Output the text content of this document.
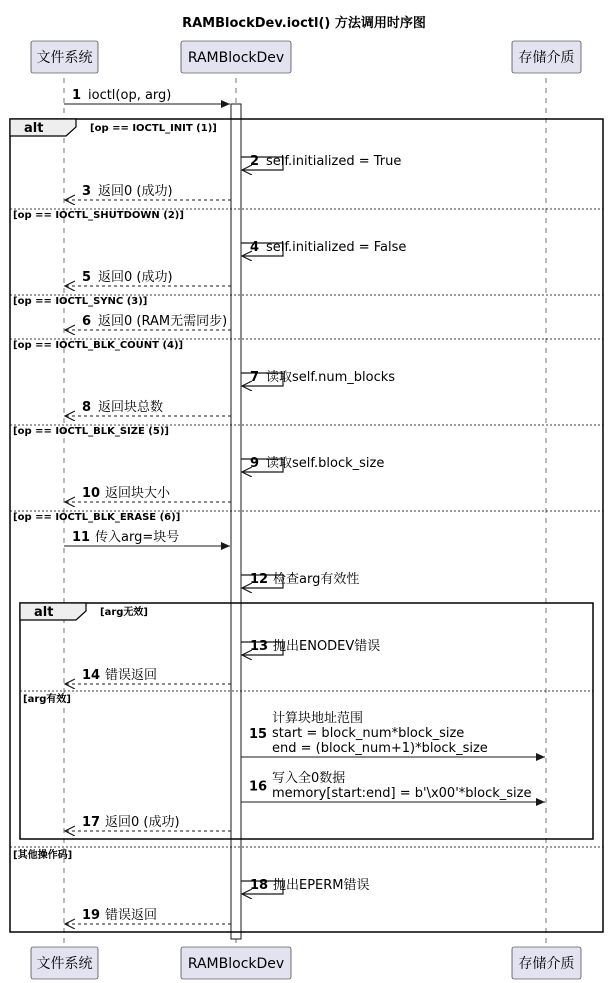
RAMBlockDev.ioctl() 方法调用时序图
文件系统	RAMBlockDev	存储介质
文件系统	RAMBlockDev	存储介质
alt	[op == IOCTL_INIT (1)]
[op == IOCTL_SHUTDOWN (2)]
[op == IOCTL_SYNC (3)]
[op == IOCTL_BLK_COUNT (4)]
[op == IOCTL_BLK_SIZE (5)]
[op == IOCTL_BLK_ERASE (6)]
[其他操作码]
alt	[arg无效]
[arg有效]
1 ioctl(op, arg)
2 self.initialized = True
3 返回0 (成功)
4 self.initialized = False
5 返回0 (成功)
6 返回0 (RAM无需同步)
7 读取self.num_blocks
8 返回块总数
9 读取self.block_size
10 返回块大小
11 传入arg=块号
12 检查arg有效性
13 抛出ENODEV错误
14 错误返回
15
计算块地址范围
start = block_num*block_size
end = (block_num+1)*block_size
16
写入全0数据
memory[start:end] = b'\x00'*block_size
17 返回0 (成功)
18 抛出EPERM错误
19 错误返回
